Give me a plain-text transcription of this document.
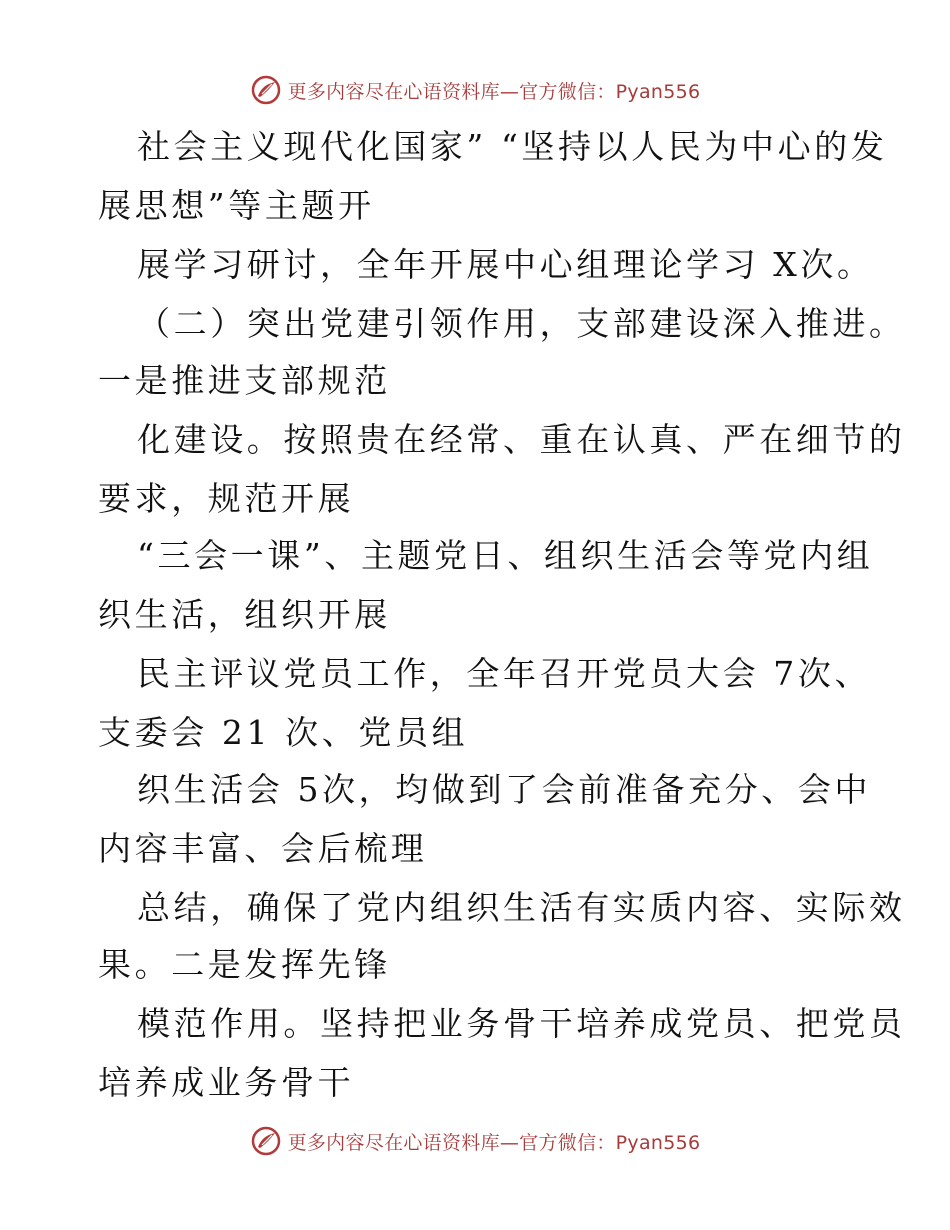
更多内容尽在心语资料库—官方微信：Pyan556
社会主义现代化国家” “坚持以人民为中心的发
展思想”等主题开
展学习研讨，全年开展中心组理论学习 X次。
（二）突出党建引领作用，支部建设深入推进。
一是推进支部规范
化建设。按照贵在经常、重在认真、严在细节的
要求，规范开展
“三会一课”、主题党日、组织生活会等党内组
织生活，组织开展
民主评议党员工作，全年召开党员大会 7次、
支委会 21 次、党员组
织生活会 5次，均做到了会前准备充分、会中
内容丰富、会后梳理
总结，确保了党内组织生活有实质内容、实际效
果。二是发挥先锋
模范作用。坚持把业务骨干培养成党员、把党员
培养成业务骨干
更多内容尽在心语资料库—官方微信：Pyan556
